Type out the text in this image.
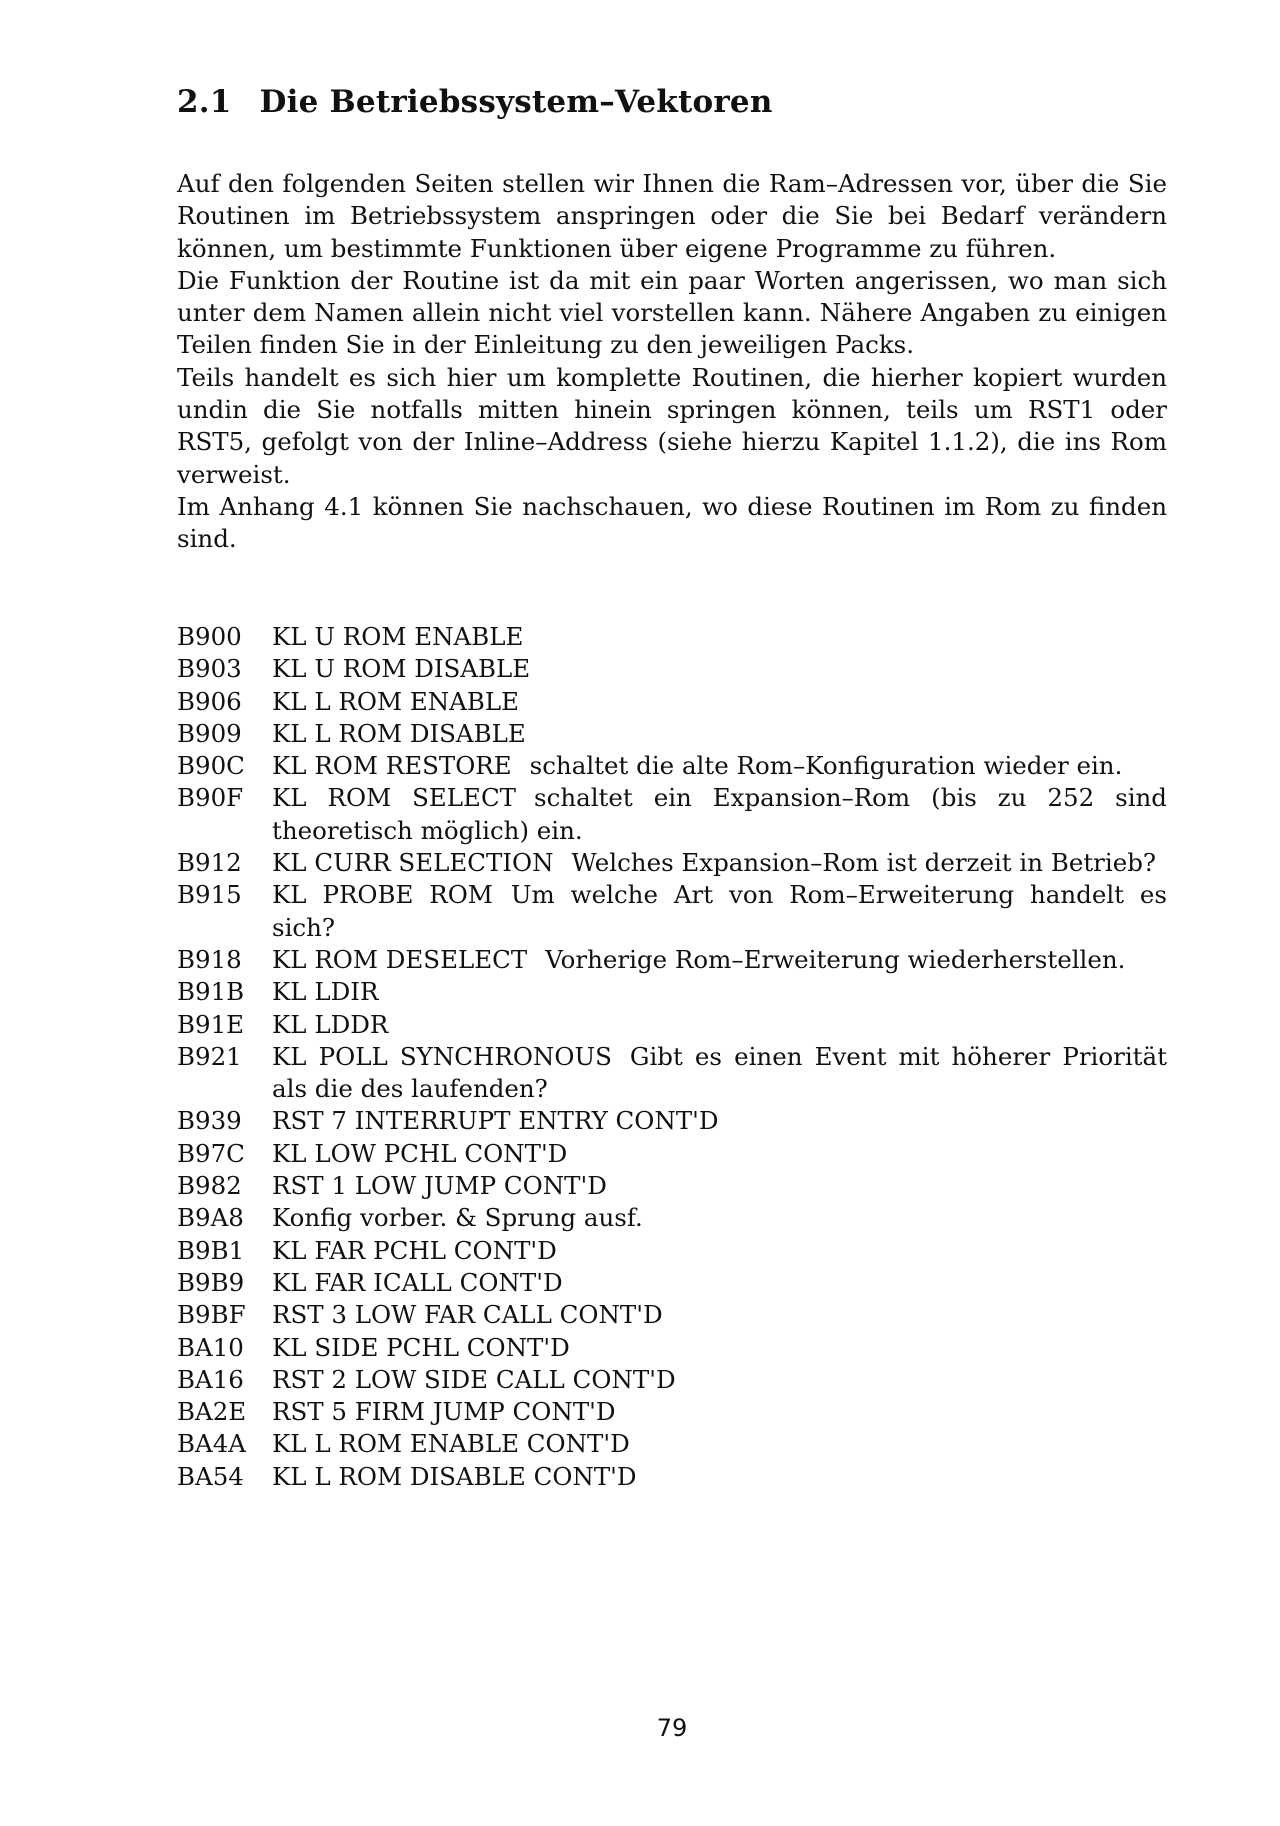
2.1 Die Betriebssystem–Vektoren

Auf den folgenden Seiten stellen wir Ihnen die Ram–Adressen vor, über die Sie Routinen im Betriebssystem anspringen oder die Sie bei Bedarf verändern können, um bestimmte Funktionen über eigene Programme zu führen.

Die Funktion der Routine ist da mit ein paar Worten angerissen, wo man sich unter dem Namen allein nicht viel vorstellen kann. Nähere Angaben zu einigen Teilen finden Sie in der Einleitung zu den jeweiligen Packs.

Teils handelt es sich hier um komplette Routinen, die hierher kopiert wurden undin die Sie notfalls mitten hinein springen können, teils um RST1 oder RST5, gefolgt von der Inline–Address (siehe hierzu Kapitel 1.1.2), die ins Rom verweist.

Im Anhang 4.1 können Sie nachschauen, wo diese Routinen im Rom zu finden sind.

B900	KL U ROM ENABLE
B903	KL U ROM DISABLE
B906	KL L ROM ENABLE
B909	KL L ROM DISABLE
B90C	KL ROM RESTORE schaltet die alte Rom–Konfiguration wieder ein.
B90F	KL ROM SELECT schaltet ein Expansion–Rom (bis zu 252 sind theoretisch möglich) ein.
B912	KL CURR SELECTION Welches Expansion–Rom ist derzeit in Betrieb?
B915	KL PROBE ROM Um welche Art von Rom–Erweiterung handelt es sich?
B918	KL ROM DESELECT Vorherige Rom–Erweiterung wiederherstellen.
B91B	KL LDIR
B91E	KL LDDR
B921	KL POLL SYNCHRONOUS Gibt es einen Event mit höherer Priorität als die des laufenden?
B939	RST 7 INTERRUPT ENTRY CONT'D
B97C	KL LOW PCHL CONT'D
B982	RST 1 LOW JUMP CONT'D
B9A8	Konfig vorber. & Sprung ausf.
B9B1	KL FAR PCHL CONT'D
B9B9	KL FAR ICALL CONT'D
B9BF	RST 3 LOW FAR CALL CONT'D
BA10	KL SIDE PCHL CONT'D
BA16	RST 2 LOW SIDE CALL CONT'D
BA2E	RST 5 FIRM JUMP CONT'D
BA4A	KL L ROM ENABLE CONT'D
BA54	KL L ROM DISABLE CONT'D
79
